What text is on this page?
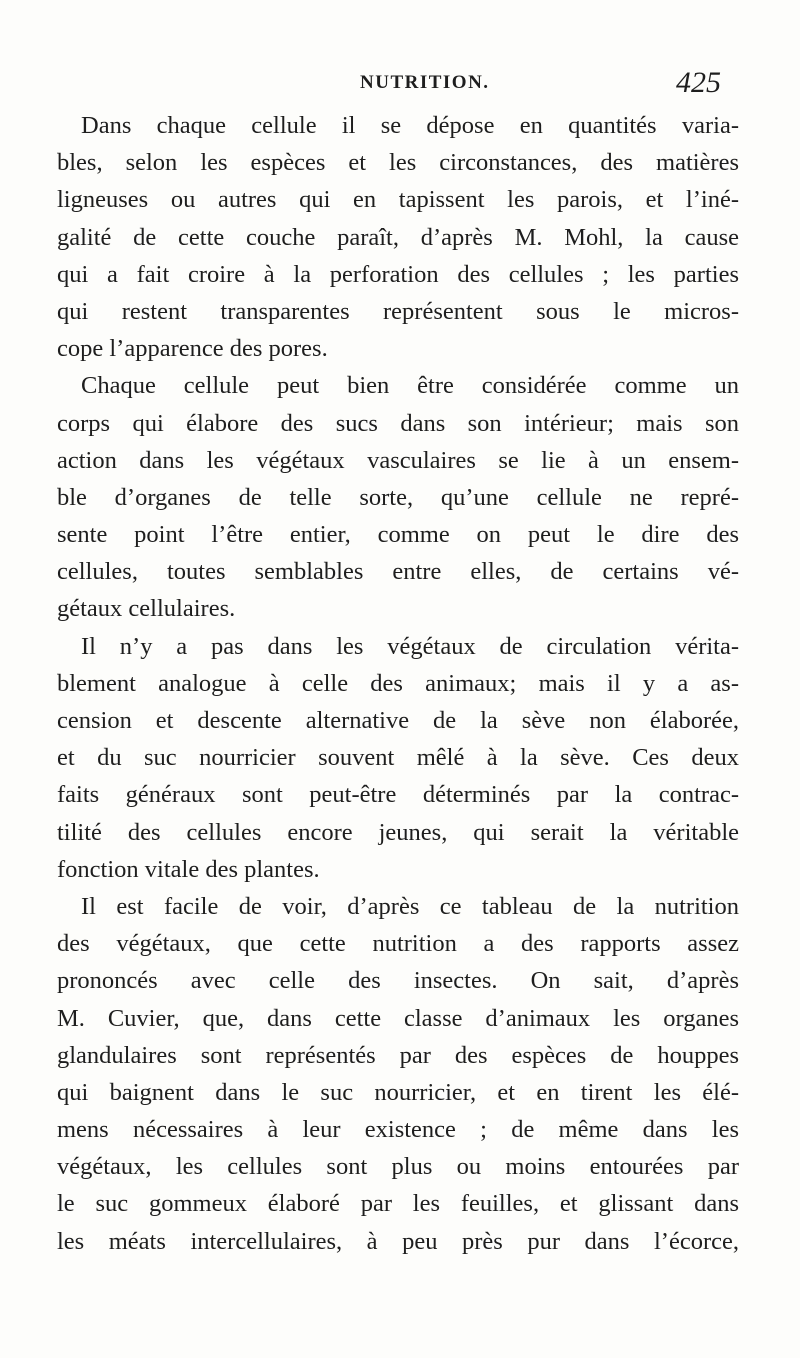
NUTRITION.	425
Dans chaque cellule il se dépose en quantités varia-
bles, selon les espèces et les circonstances, des matières
ligneuses ou autres qui en tapissent les parois, et l’iné-
galité de cette couche paraît, d’après M. Mohl, la cause
qui a fait croire à la perforation des cellules ; les parties
qui restent transparentes représentent sous le micros-
cope l’apparence des pores.
Chaque cellule peut bien être considérée comme un
corps qui élabore des sucs dans son intérieur; mais son
action dans les végétaux vasculaires se lie à un ensem-
ble d’organes de telle sorte, qu’une cellule ne repré-
sente point l’être entier, comme on peut le dire des
cellules, toutes semblables entre elles, de certains vé-
gétaux cellulaires.
Il n’y a pas dans les végétaux de circulation vérita-
blement analogue à celle des animaux; mais il y a as-
cension et descente alternative de la sève non élaborée,
et du suc nourricier souvent mêlé à la sève. Ces deux
faits généraux sont peut-être déterminés par la contrac-
tilité des cellules encore jeunes, qui serait la véritable
fonction vitale des plantes.
Il est facile de voir, d’après ce tableau de la nutrition
des végétaux, que cette nutrition a des rapports assez
prononcés avec celle des insectes. On sait, d’après
M. Cuvier, que, dans cette classe d’animaux les organes
glandulaires sont représentés par des espèces de houppes
qui baignent dans le suc nourricier, et en tirent les élé-
mens nécessaires à leur existence ; de même dans les
végétaux, les cellules sont plus ou moins entourées par
le suc gommeux élaboré par les feuilles, et glissant dans
les méats intercellulaires, à peu près pur dans l’écorce,
